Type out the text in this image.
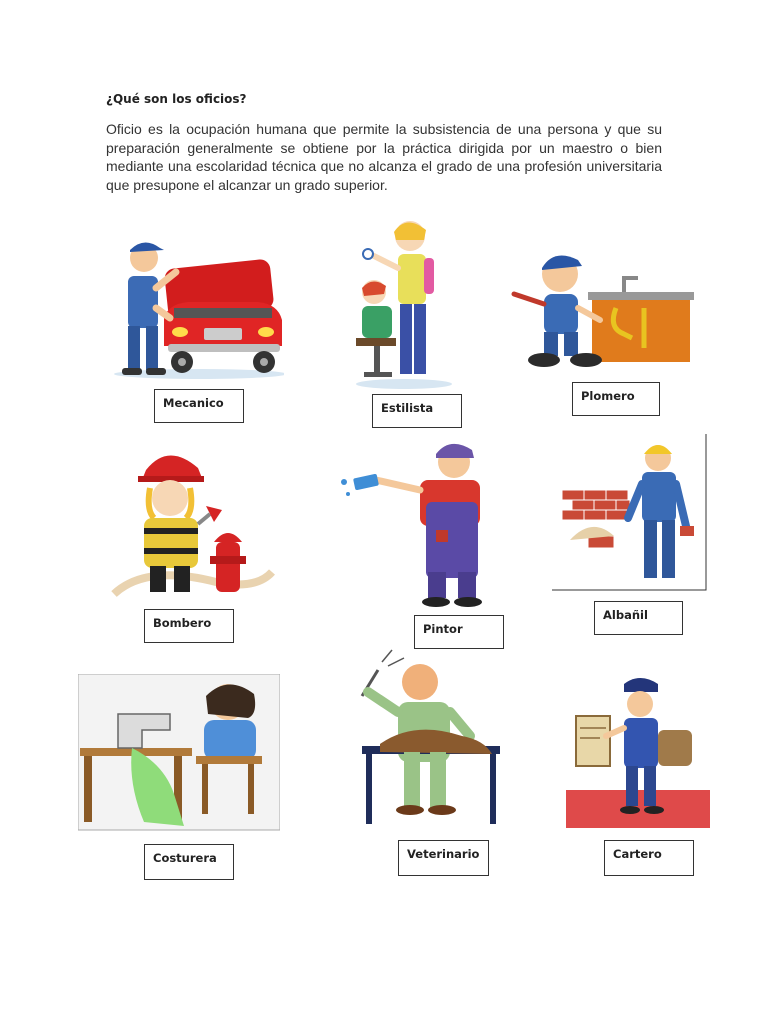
¿Qué son los oficios?
Oficio es la ocupación humana que permite la subsistencia de una persona y que su preparación generalmente se obtiene por la práctica dirigida por un maestro o bien mediante una escolaridad técnica que no alcanza el grado de una profesión universitaria que presupone el alcanzar un grado superior.
Mecanico	Estilista
Plomero
Bombero	Pintor
Albañil
Costurera	Veterinario	Cartero
